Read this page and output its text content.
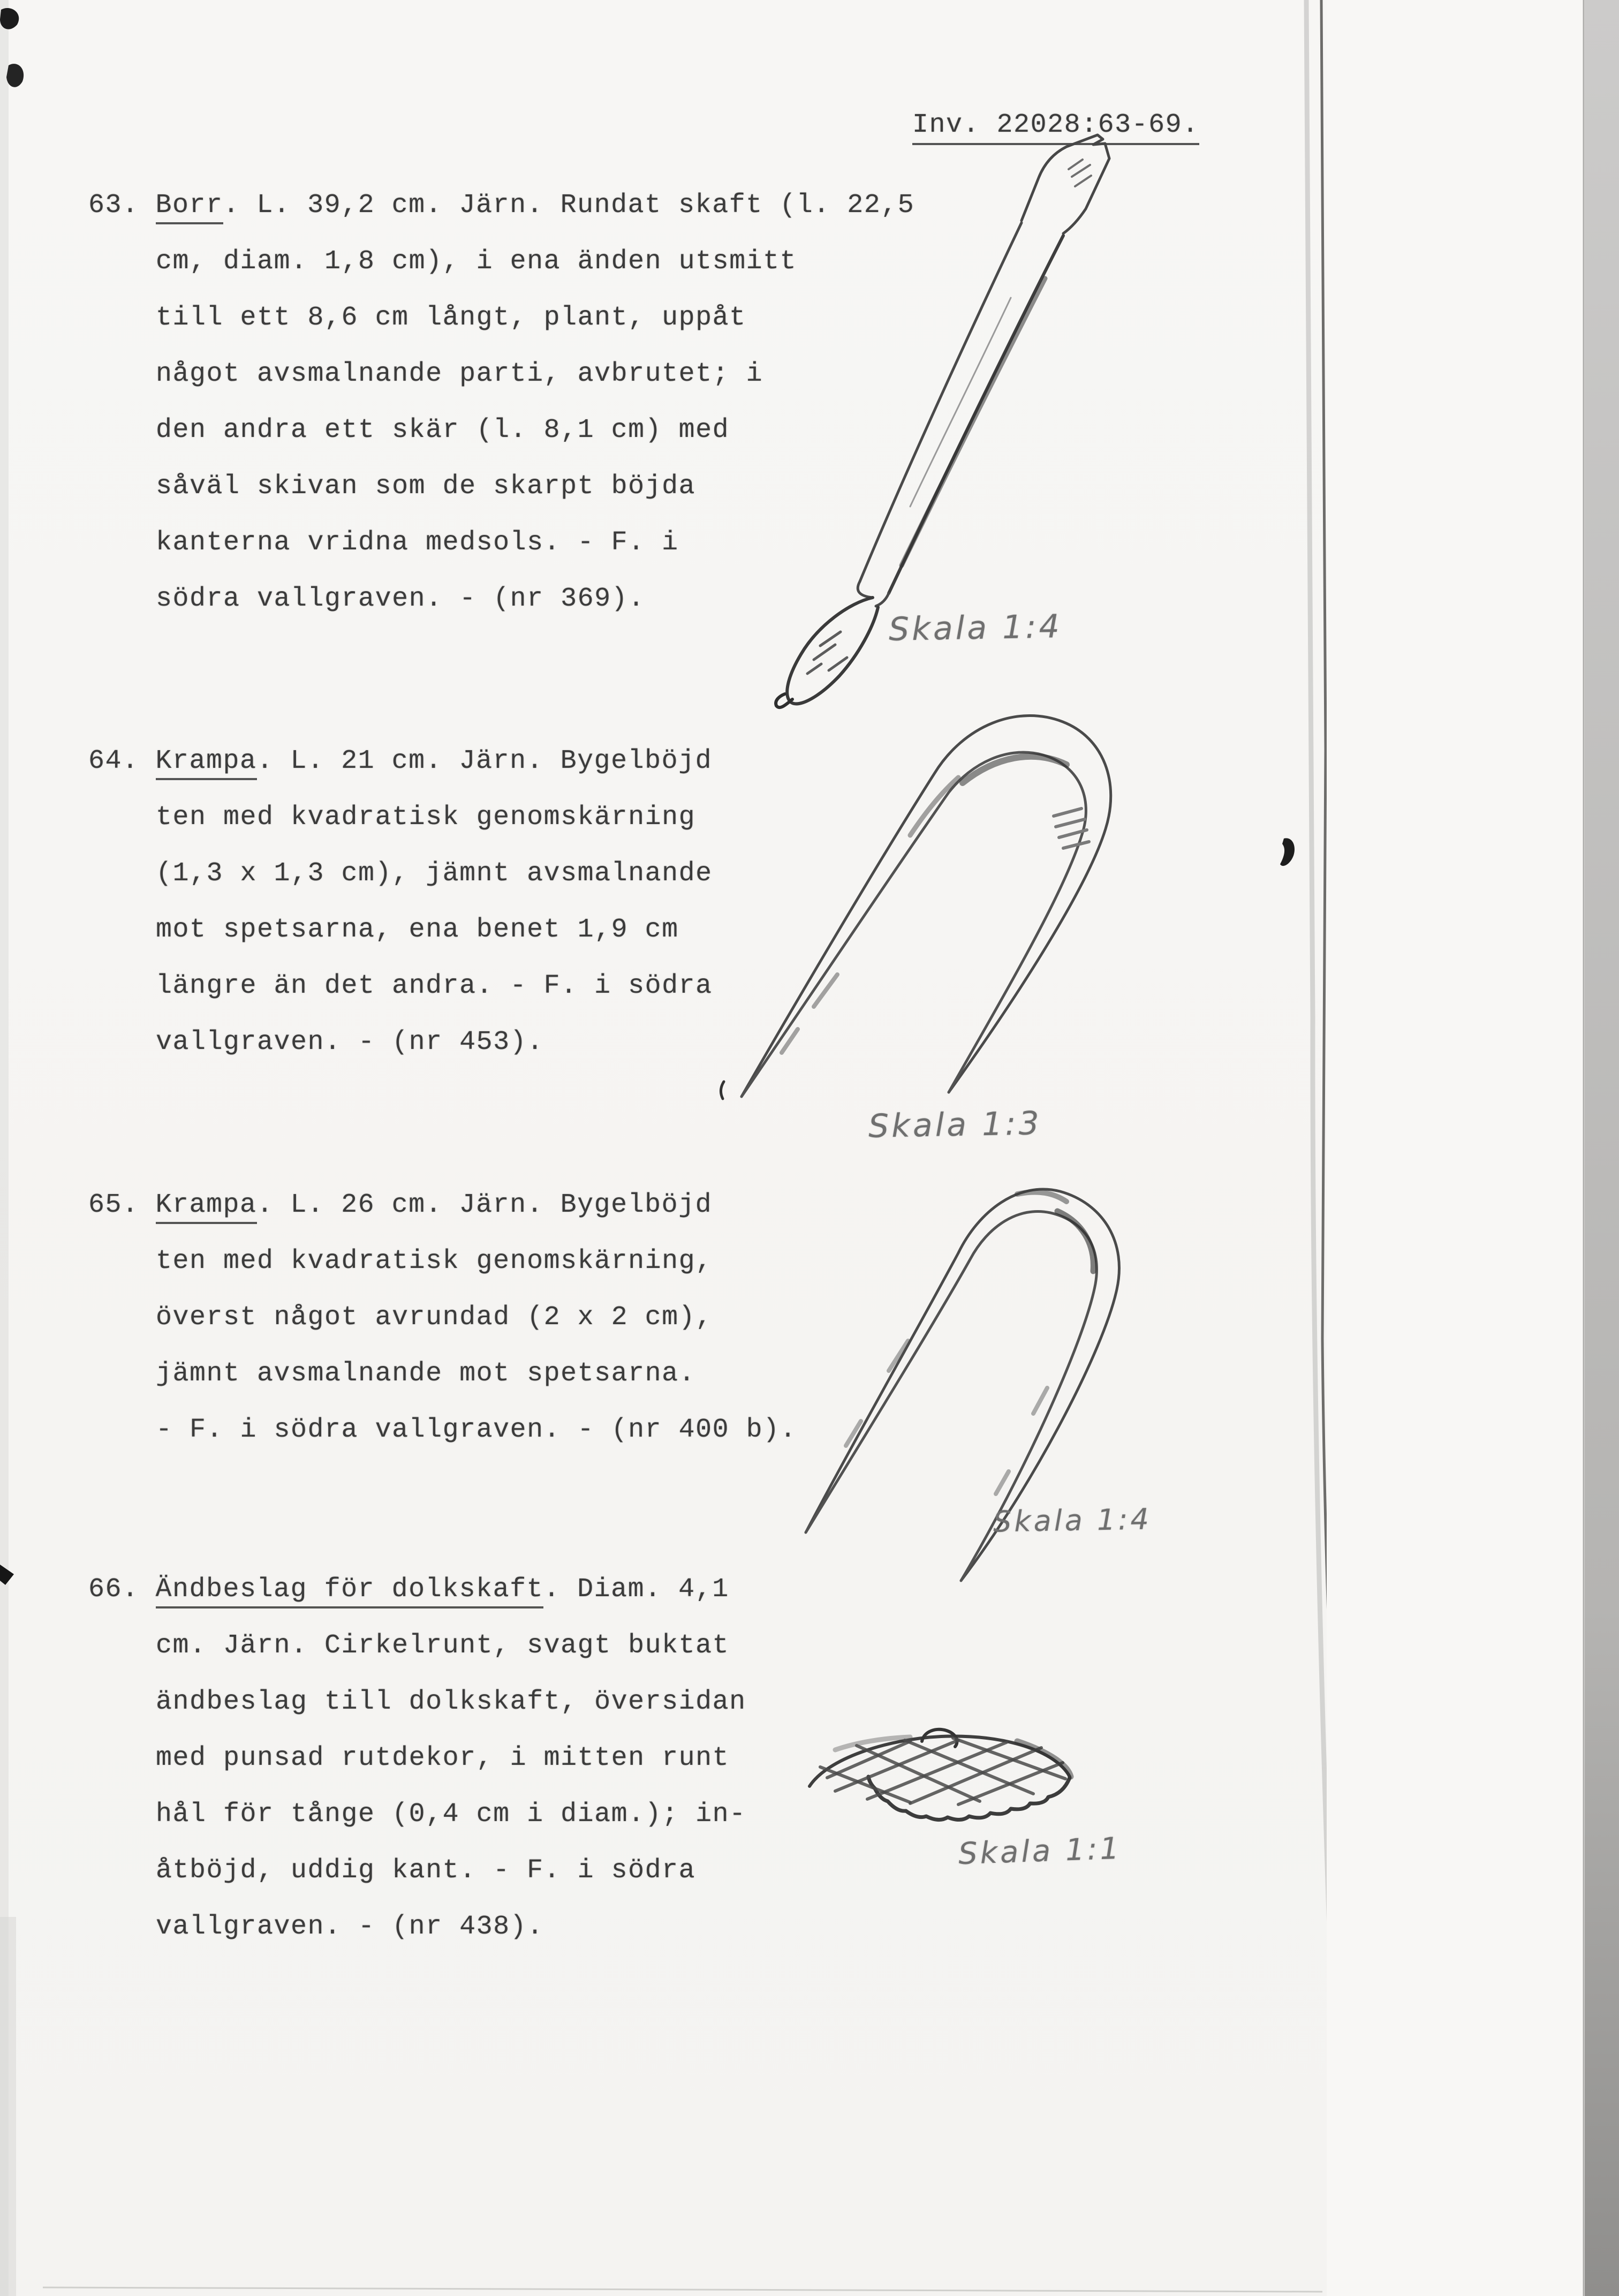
Inv. 22028:63-69.

63. Borr. L. 39,2 cm. Järn. Rundat skaft (l. 22,5
cm, diam. 1,8 cm), i ena änden utsmitt
till ett 8,6 cm långt, plant, uppåt
något avsmalnande parti, avbrutet; i
den andra ett skär (l. 8,1 cm) med
såväl skivan som de skarpt böjda
kanterna vridna medsols. - F. i
södra vallgraven. - (nr 369).
64. Krampa. L. 21 cm. Järn. Bygelböjd
ten med kvadratisk genomskärning
(1,3 x 1,3 cm), jämnt avsmalnande
mot spetsarna, ena benet 1,9 cm
längre än det andra. - F. i södra
vallgraven. - (nr 453).
65. Krampa. L. 26 cm. Järn. Bygelböjd
ten med kvadratisk genomskärning,
överst något avrundad (2 x 2 cm),
jämnt avsmalnande mot spetsarna.
- F. i södra vallgraven. - (nr 400 b).
66. Ändbeslag för dolkskaft. Diam. 4,1
cm. Järn. Cirkelrunt, svagt buktat
ändbeslag till dolkskaft, översidan
med punsad rutdekor, i mitten runt
hål för tånge (0,4 cm i diam.); in-
åtböjd, uddig kant. - F. i södra
vallgraven. - (nr 438).
Skala 1:4
Skala 1:3
Skala 1:4
Skala 1:1
